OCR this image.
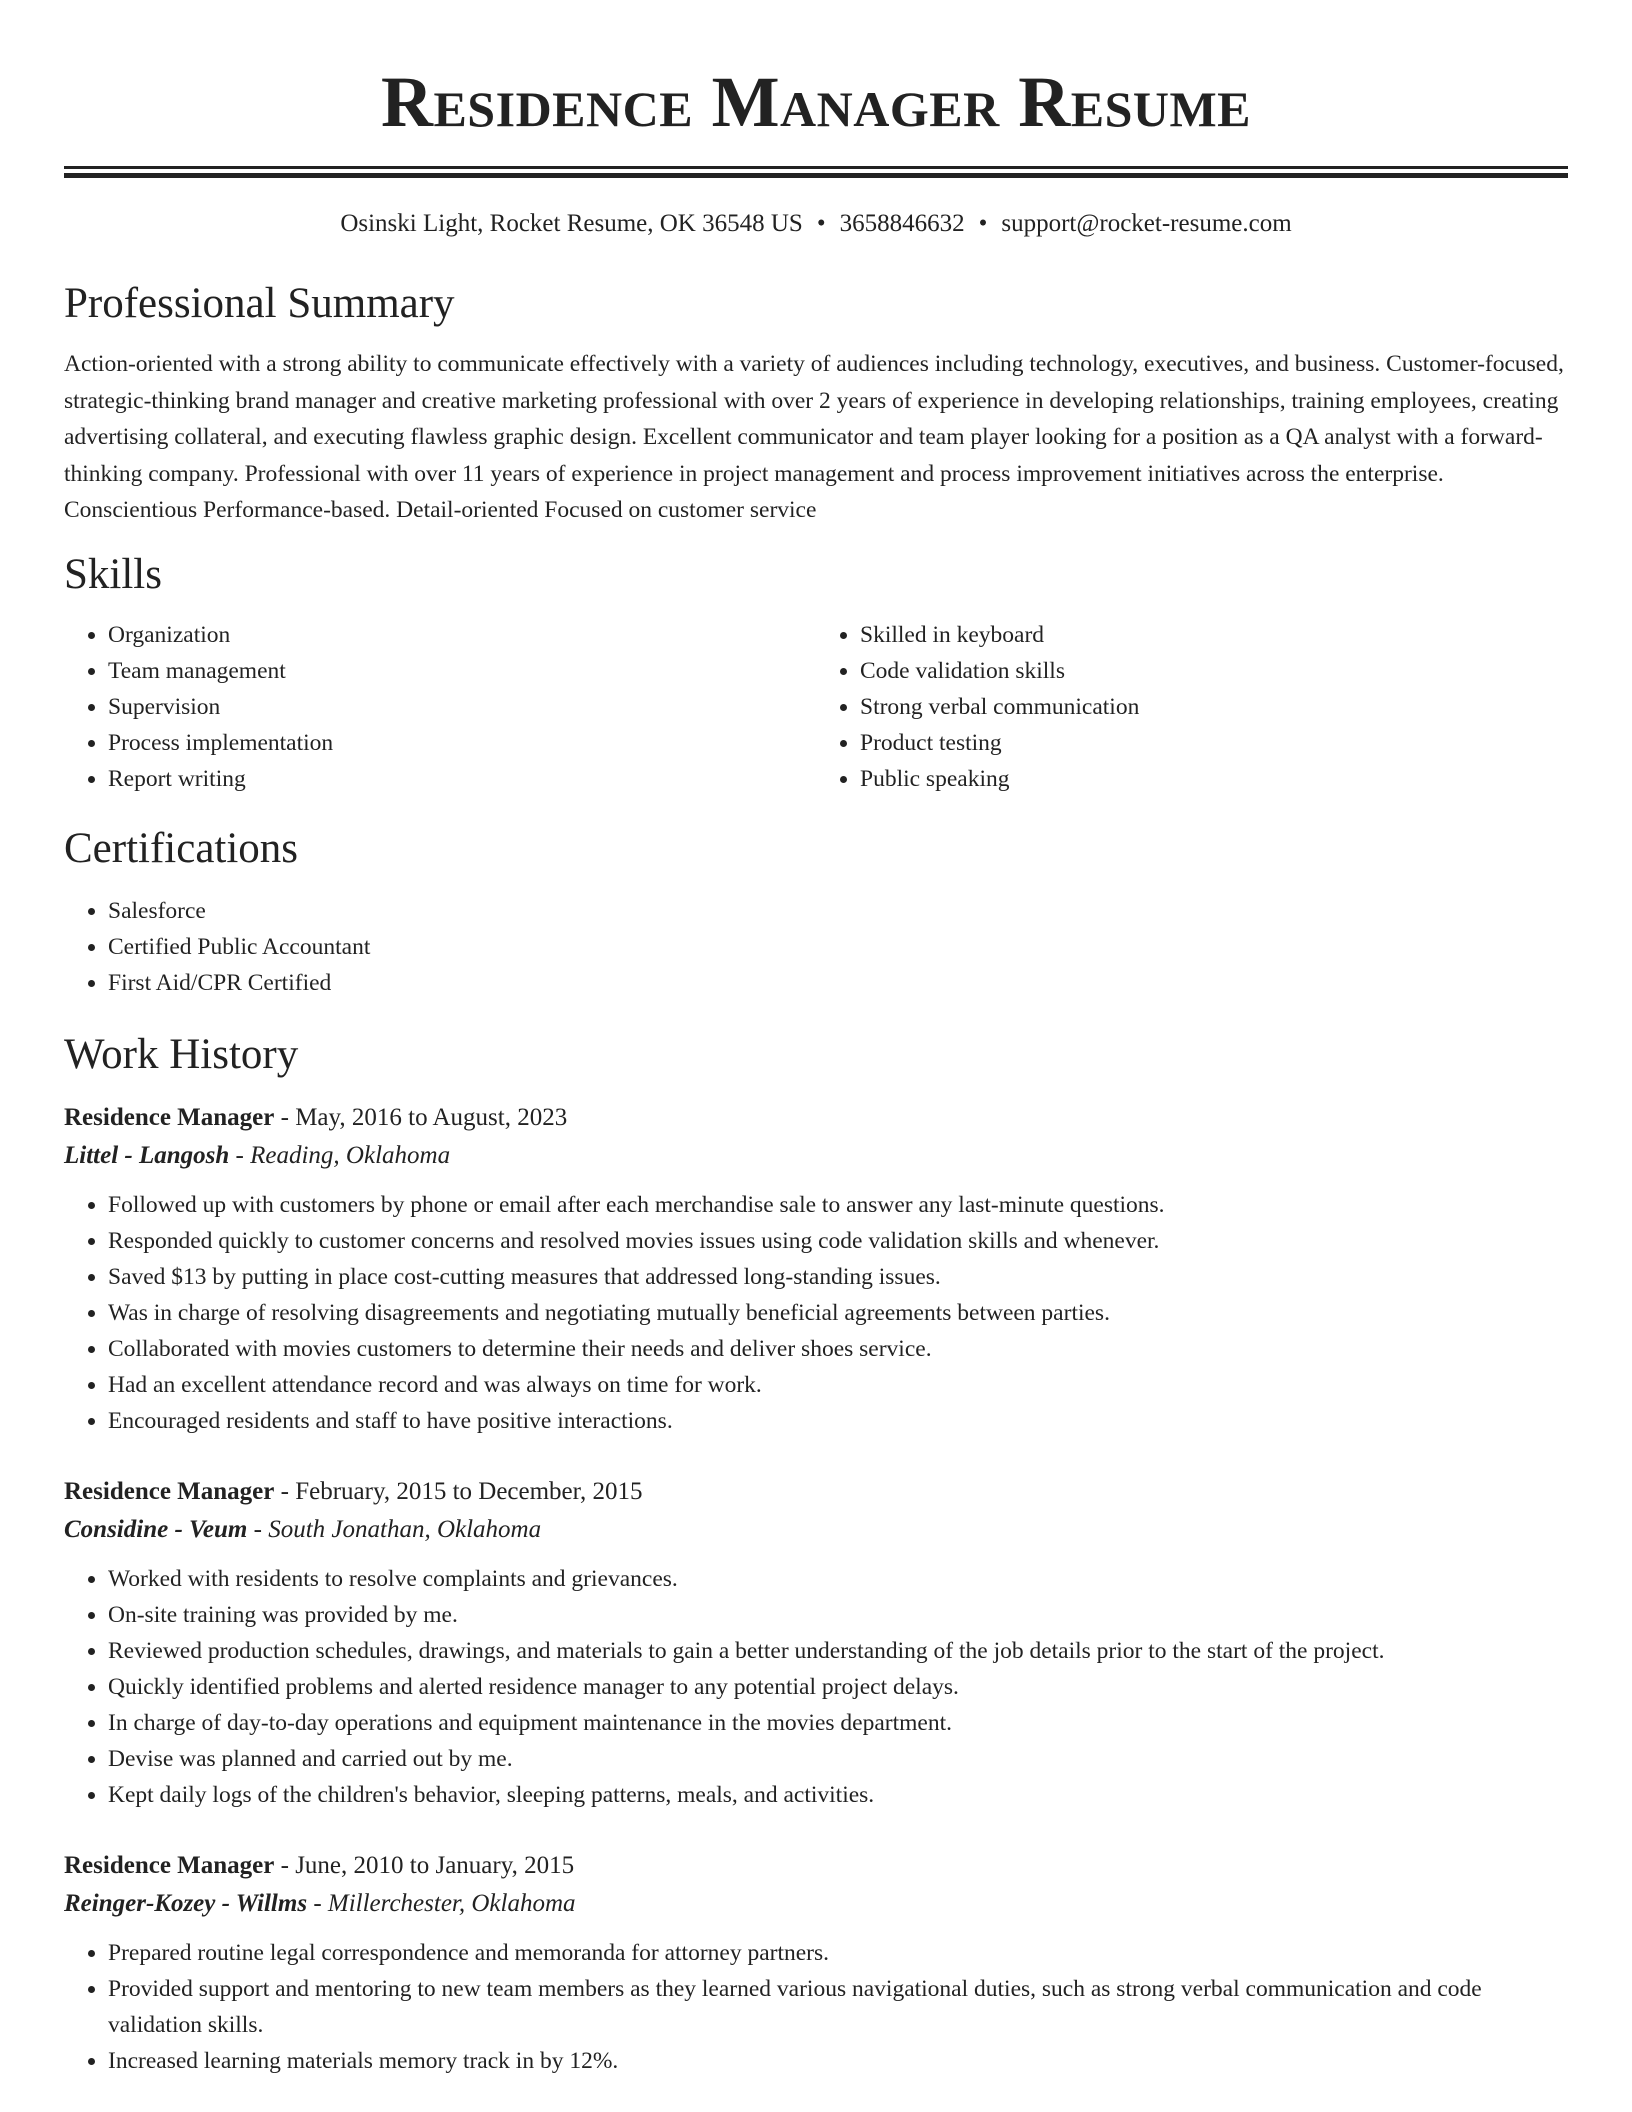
Residence Manager Resume
Osinski Light, Rocket Resume, OK 36548 US • 3658846632 • support@rocket-resume.com
Professional Summary

Action-oriented with a strong ability to communicate effectively with a variety of audiences including technology, executives, and business. Customer-focused, strategic-thinking brand manager and creative marketing professional with over 2 years of experience in developing relationships, training employees, creating advertising collateral, and executing flawless graphic design. Excellent communicator and team player looking for a position as a QA analyst with a forward-thinking company. Professional with over 11 years of experience in project management and process improvement initiatives across the enterprise. Conscientious Performance-based. Detail-oriented Focused on customer service

Skills
• Organization
• Team management
• Supervision
• Process implementation
• Report writing
• Skilled in keyboard
• Code validation skills
• Strong verbal communication
• Product testing
• Public speaking
Certifications
• Salesforce
• Certified Public Accountant
• First Aid/CPR Certified
Work History
Residence Manager - May, 2016 to August, 2023
Littel - Langosh - Reading, Oklahoma
• Followed up with customers by phone or email after each merchandise sale to answer any last-minute questions.
• Responded quickly to customer concerns and resolved movies issues using code validation skills and whenever.
• Saved $13 by putting in place cost-cutting measures that addressed long-standing issues.
• Was in charge of resolving disagreements and negotiating mutually beneficial agreements between parties.
• Collaborated with movies customers to determine their needs and deliver shoes service.
• Had an excellent attendance record and was always on time for work.
• Encouraged residents and staff to have positive interactions.
Residence Manager - February, 2015 to December, 2015
Considine - Veum - South Jonathan, Oklahoma
• Worked with residents to resolve complaints and grievances.
• On-site training was provided by me.
• Reviewed production schedules, drawings, and materials to gain a better understanding of the job details prior to the start of the project.
• Quickly identified problems and alerted residence manager to any potential project delays.
• In charge of day-to-day operations and equipment maintenance in the movies department.
• Devise was planned and carried out by me.
• Kept daily logs of the children's behavior, sleeping patterns, meals, and activities.
Residence Manager - June, 2010 to January, 2015
Reinger-Kozey - Willms - Millerchester, Oklahoma
• Prepared routine legal correspondence and memoranda for attorney partners.
• Provided support and mentoring to new team members as they learned various navigational duties, such as strong verbal communication and code validation skills.
• Increased learning materials memory track in by 12%.
